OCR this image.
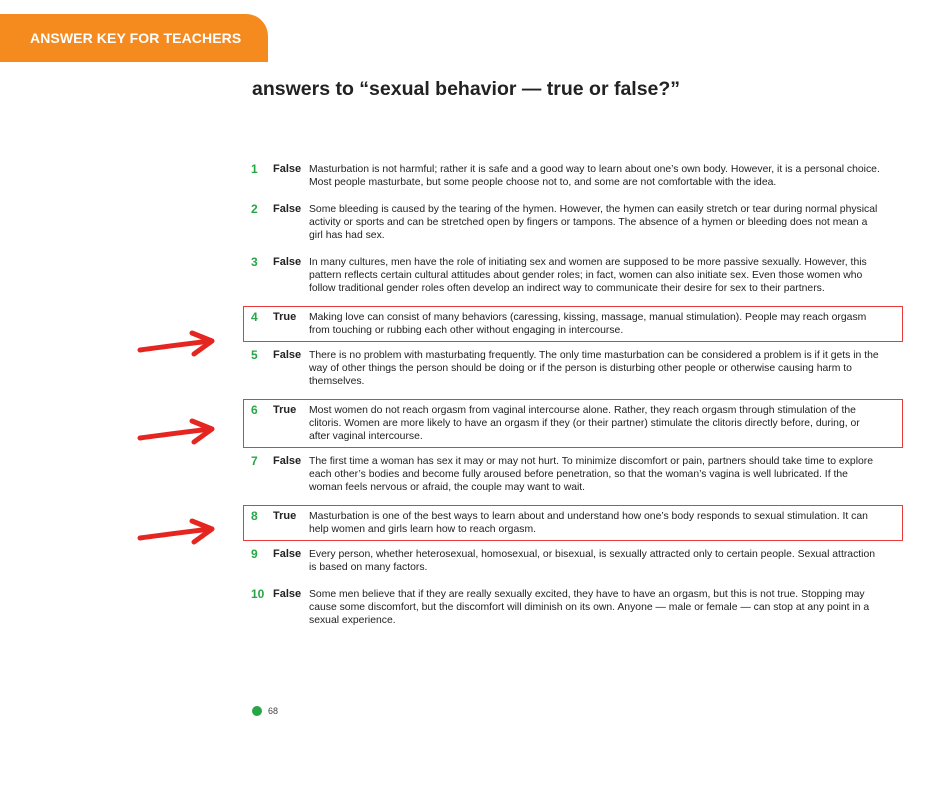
ANSWER KEY FOR TEACHERS
answers to “sexual behavior — true or false?”
1	False Masturbation is not harmful; rather it is safe and a good way to learn about one’s own body. However, it is a personal choice. Most people masturbate, but some people choose not to, and some are not comfortable with the idea.
2	False Some bleeding is caused by the tearing of the hymen. However, the hymen can easily stretch or tear during normal physical activity or sports and can be stretched open by fingers or tampons. The absence of a hymen or bleeding does not mean a girl has had sex.
3	False In many cultures, men have the role of initiating sex and women are supposed to be more passive sexually. However, this pattern reflects certain cultural attitudes about gender roles; in fact, women can also initiate sex. Even those women who follow traditional gender roles often develop an indirect way to communicate their desire for sex to their partners.
4	True	Making love can consist of many behaviors (caressing, kissing, massage, manual stimulation). People may reach orgasm from touching or rubbing each other without engaging in intercourse.
5	False There is no problem with masturbating frequently. The only time masturbation can be considered a problem is if it gets in the way of other things the person should be doing or if the person is disturbing other people or otherwise causing harm to themselves.
6	True	Most women do not reach orgasm from vaginal intercourse alone. Rather, they reach orgasm through stimulation of the clitoris. Women are more likely to have an orgasm if they (or their partner) stimulate the clitoris directly before, during, or after vaginal intercourse.
7	False The first time a woman has sex it may or may not hurt. To minimize discomfort or pain, partners should take time to explore each other’s bodies and become fully aroused before penetration, so that the woman’s vagina is well lubricated. If the woman feels nervous or afraid, the couple may want to wait.
8	True	Masturbation is one of the best ways to learn about and understand how one’s body responds to sexual stimulation. It can help women and girls learn how to reach orgasm.
9	False Every person, whether heterosexual, homosexual, or bisexual, is sexually attracted only to certain people. Sexual attraction is based on many factors.
10 False Some men believe that if they are really sexually excited, they have to have an orgasm, but this is not true. Stopping may cause some discomfort, but the discomfort will diminish on its own. Anyone — male or female — can stop at any point in a sexual experience.
68
